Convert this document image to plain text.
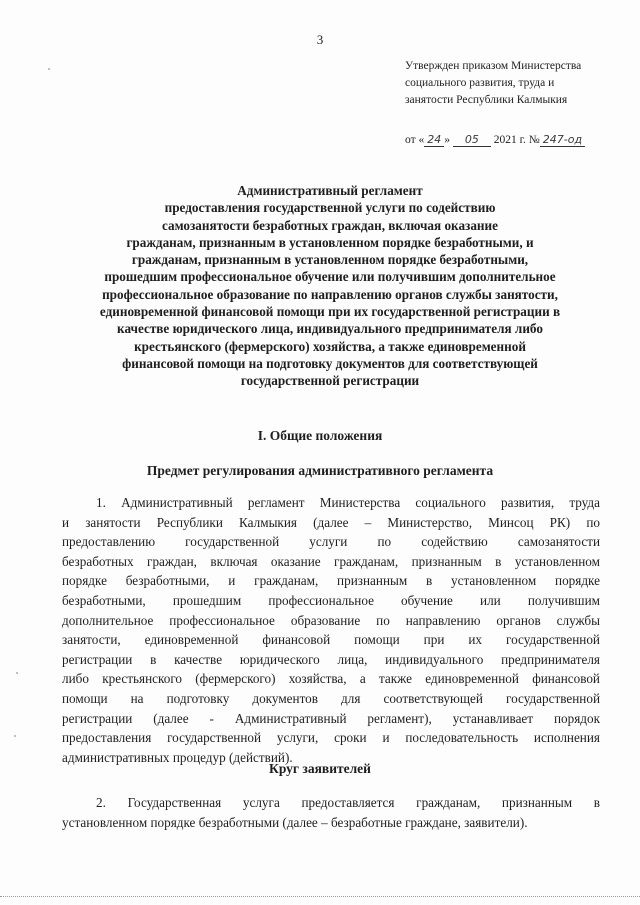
3
Утвержден приказом Министерства
социального развития, труда и
занятости Республики Калмыкия
от « 24 » 05 2021 г. № 247-од
Административный регламент
предоставления государственной услуги по содействию
самозанятости безработных граждан, включая оказание
гражданам, признанным в установленном порядке безработными, и
гражданам, признанным в установленном порядке безработными,
прошедшим профессиональное обучение или получившим дополнительное
профессиональное образование по направлению органов службы занятости,
единовременной финансовой помощи при их государственной регистрации в
качестве юридического лица, индивидуального предпринимателя либо
крестьянского (фермерского) хозяйства, а также единовременной
финансовой помощи на подготовку документов для соответствующей
государственной регистрации
I. Общие положения
Предмет регулирования административного регламента
1. Административный регламент Министерства социального развития, труда
и занятости Республики Калмыкия (далее – Министерство, Минсоц РК) по
предоставлению государственной услуги по содействию самозанятости
безработных граждан, включая оказание гражданам, признанным в установленном
порядке безработными, и гражданам, признанным в установленном порядке
безработными, прошедшим профессиональное обучение или получившим
дополнительное профессиональное образование по направлению органов службы
занятости, единовременной финансовой помощи при их государственной
регистрации в качестве юридического лица, индивидуального предпринимателя
либо крестьянского (фермерского) хозяйства, а также единовременной финансовой
помощи на подготовку документов для соответствующей государственной
регистрации (далее - Административный регламент), устанавливает порядок
предоставления государственной услуги, сроки и последовательность исполнения
административных процедур (действий).
Круг заявителей
2. Государственная услуга предоставляется гражданам, признанным в
установленном порядке безработными (далее – безработные граждане, заявители).
